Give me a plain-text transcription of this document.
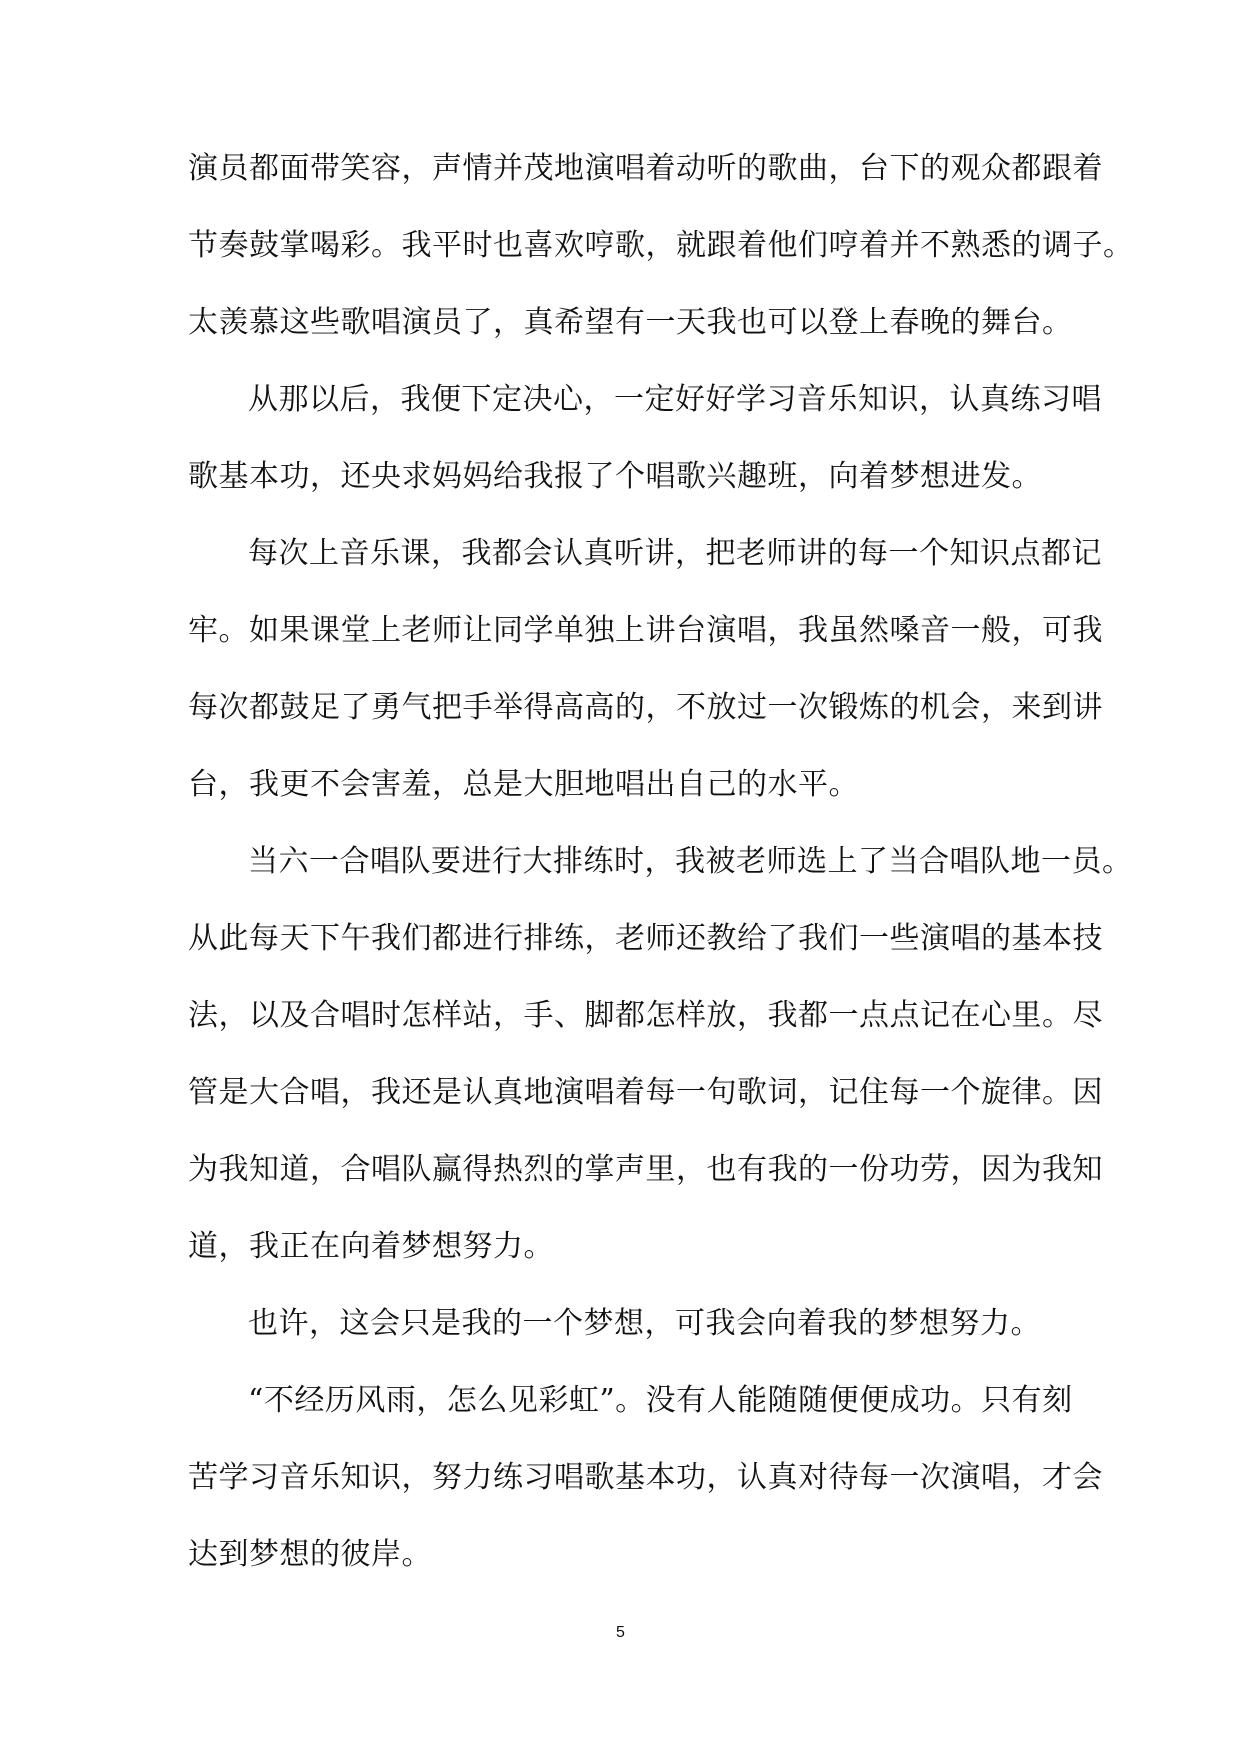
演员都面带笑容，声情并茂地演唱着动听的歌曲，台下的观众都跟着
节奏鼓掌喝彩。我平时也喜欢哼歌，就跟着他们哼着并不熟悉的调子。
太羡慕这些歌唱演员了，真希望有一天我也可以登上春晚的舞台。
从那以后，我便下定决心，一定好好学习音乐知识，认真练习唱
歌基本功，还央求妈妈给我报了个唱歌兴趣班，向着梦想进发。
每次上音乐课，我都会认真听讲，把老师讲的每一个知识点都记
牢。如果课堂上老师让同学单独上讲台演唱，我虽然嗓音一般，可我
每次都鼓足了勇气把手举得高高的，不放过一次锻炼的机会，来到讲
台，我更不会害羞，总是大胆地唱出自己的水平。
当六一合唱队要进行大排练时，我被老师选上了当合唱队地一员。
从此每天下午我们都进行排练，老师还教给了我们一些演唱的基本技
法，以及合唱时怎样站，手、脚都怎样放，我都一点点记在心里。尽
管是大合唱，我还是认真地演唱着每一句歌词，记住每一个旋律。因
为我知道，合唱队赢得热烈的掌声里，也有我的一份功劳，因为我知
道，我正在向着梦想努力。
也许，这会只是我的一个梦想，可我会向着我的梦想努力。
“不经历风雨，怎么见彩虹”。没有人能随随便便成功。只有刻
苦学习音乐知识，努力练习唱歌基本功，认真对待每一次演唱，才会
达到梦想的彼岸。
5
